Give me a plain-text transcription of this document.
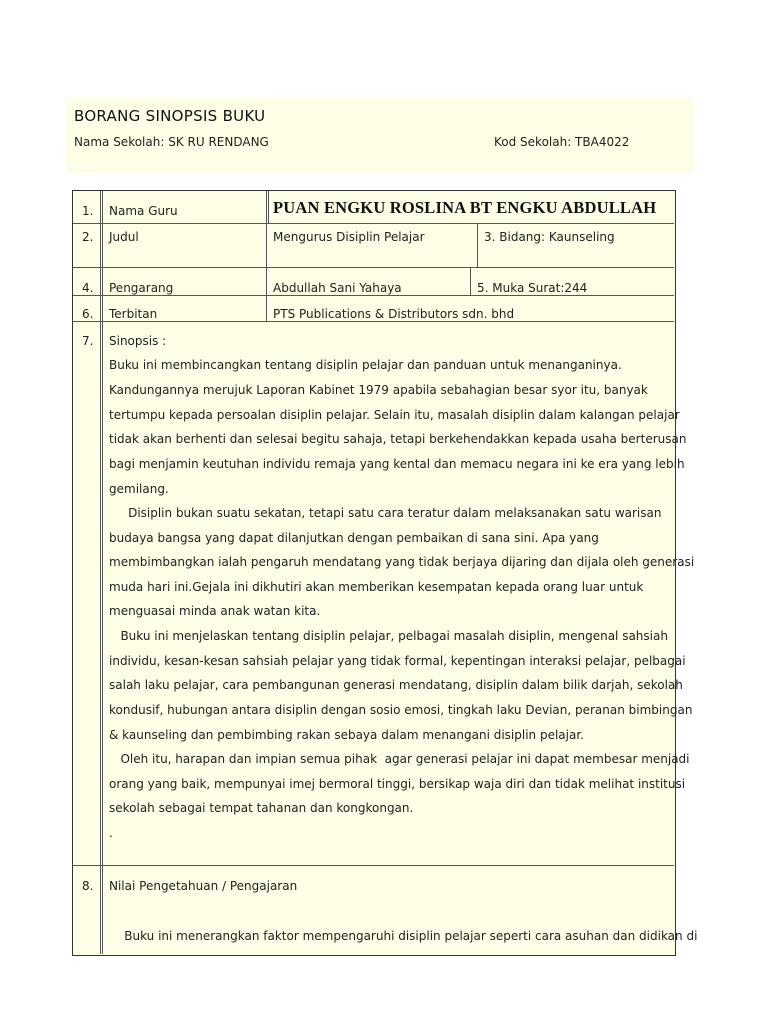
BORANG SINOPSIS BUKU
Nama Sekolah: SK RU RENDANG	Kod Sekolah: TBA4022
1. Nama Guru	PUAN ENGKU ROSLINA BT ENGKU ABDULLAH
2. Judul	Mengurus Disiplin Pelajar	3. Bidang: Kaunseling
4. Pengarang	Abdullah Sani Yahaya	5. Muka Surat:244
6. Terbitan	PTS Publications & Distributors sdn. bhd
7. Sinopsis :
Buku ini membincangkan tentang disiplin pelajar dan panduan untuk menanganinya.
Kandungannya merujuk Laporan Kabinet 1979 apabila sebahagian besar syor itu, banyak
tertumpu kepada persoalan disiplin pelajar. Selain itu, masalah disiplin dalam kalangan pelajar
tidak akan berhenti dan selesai begitu sahaja, tetapi berkehendakkan kepada usaha berterusan
bagi menjamin keutuhan individu remaja yang kental dan memacu negara ini ke era yang lebih
gemilang.
Disiplin bukan suatu sekatan, tetapi satu cara teratur dalam melaksanakan satu warisan
budaya bangsa yang dapat dilanjutkan dengan pembaikan di sana sini. Apa yang
membimbangkan ialah pengaruh mendatang yang tidak berjaya dijaring dan dijala oleh generasi
muda hari ini.Gejala ini dikhutiri akan memberikan kesempatan kepada orang luar untuk
menguasai minda anak watan kita.
Buku ini menjelaskan tentang disiplin pelajar, pelbagai masalah disiplin, mengenal sahsiah
individu, kesan-kesan sahsiah pelajar yang tidak formal, kepentingan interaksi pelajar, pelbagai
salah laku pelajar, cara pembangunan generasi mendatang, disiplin dalam bilik darjah, sekolah
kondusif, hubungan antara disiplin dengan sosio emosi, tingkah laku Devian, peranan bimbingan
& kaunseling dan pembimbing rakan sebaya dalam menangani disiplin pelajar.
Oleh itu, harapan dan impian semua pihak  agar generasi pelajar ini dapat membesar menjadi
orang yang baik, mempunyai imej bermoral tinggi, bersikap waja diri dan tidak melihat institusi
sekolah sebagai tempat tahanan dan kongkongan.
.
8. Nilai Pengetahuan / Pengajaran
Buku ini menerangkan faktor mempengaruhi disiplin pelajar seperti cara asuhan dan didikan di
